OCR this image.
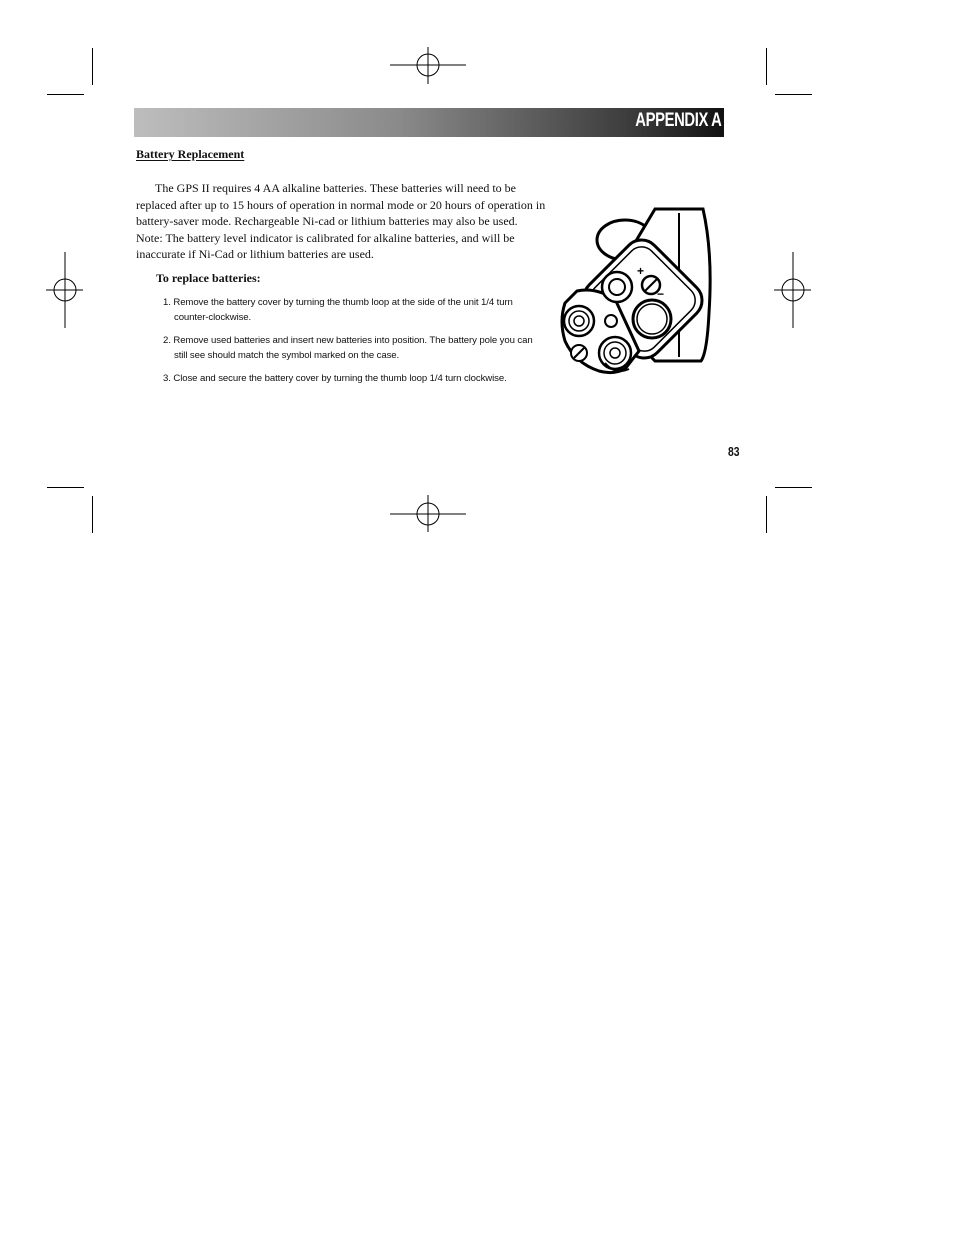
APPENDIX A
Battery Replacement

The GPS II requires 4 AA alkaline batteries. These batteries will need to be replaced after up to 15 hours of operation in normal mode or 20 hours of operation in battery-saver mode. Rechargeable Ni-cad or lithium batteries may also be used. Note: The battery level indicator is calibrated for alkaline batteries, and will be inaccurate if Ni-Cad or lithium batteries are used.

To replace batteries:
1. Remove the battery cover by turning the thumb loop at the side of the unit 1/4 turn counter-clockwise.
2. Remove used batteries and insert new batteries into position. The battery pole you can still see should match the symbol marked on the case.
3. Close and secure the battery cover by turning the thumb loop 1/4 turn clockwise.
+
−
83
